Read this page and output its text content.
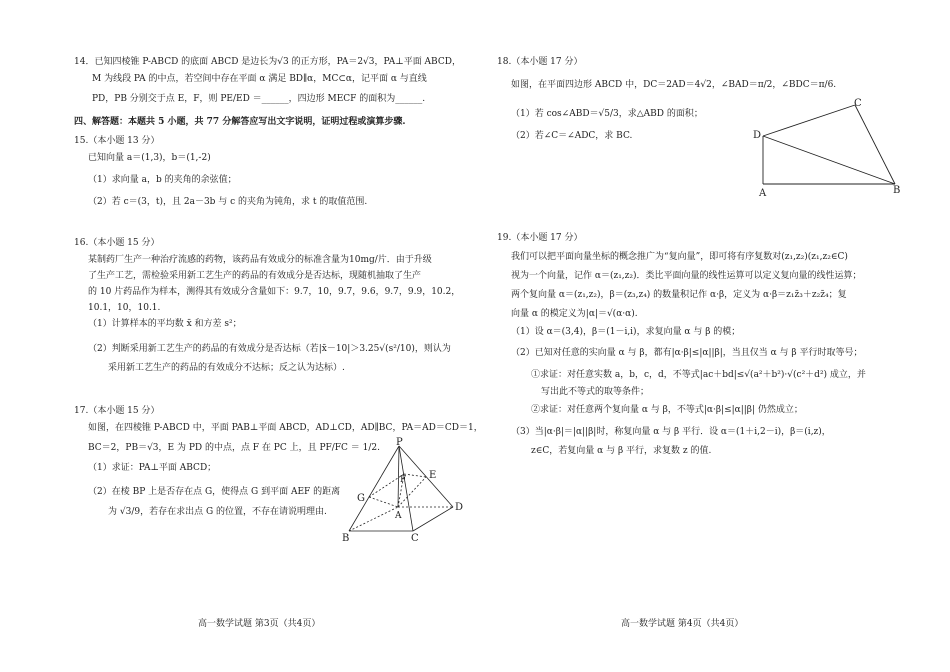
14．已知四棱锥 P-ABCD 的底面 ABCD 是边长为√3 的正方形，PA＝2√3，PA⊥平面 ABCD，
M 为线段 PA 的中点，若空间中存在平面 α 满足 BD∥α，MC⊂α，记平面 α 与直线
PD，PB 分别交于点 E，F，则 PE/ED ＝______，四边形 MECF 的面积为______.
四、解答题：本题共 5 小题，共 77 分解答应写出文字说明，证明过程或演算步骤.
15.（本小题 13 分）
已知向量 a＝(1,3)，b＝(1,-2)
（1）求向量 a，b 的夹角的余弦值；
（2）若 c＝(3，t)，且 2a－3b 与 c 的夹角为钝角，求 t 的取值范围.
16.（本小题 15 分）
某制药厂生产一种治疗流感的药物，该药品有效成分的标准含量为10mg/片．由于升级
了生产工艺，需检验采用新工艺生产的药品的有效成分是否达标，现随机抽取了生产
的 10 片药品作为样本，测得其有效成分含量如下：9.7，10，9.7，9.6，9.7，9.9，10.2，
10.1，10，10.1.
（1）计算样本的平均数 x̄ 和方差 s²；
（2）判断采用新工艺生产的药品的有效成分是否达标（若|x̄－10|＞3.25√(s²/10)，则认为
采用新工艺生产的药品的有效成分不达标；反之认为达标）.
17.（本小题 15 分）
如图，在四棱锥 P-ABCD 中，平面 PAB⊥平面 ABCD，AD⊥CD，AD∥BC，PA＝AD＝CD＝1，
BC＝2，PB＝√3，E 为 PD 的中点，点 F 在 PC 上，且 PF/FC ＝ 1/2.
（1）求证：PA⊥平面 ABCD；
（2）在棱 BP 上是否存在点 G，使得点 G 到平面 AEF 的距离
为 √3/9，若存在求出点 G 的位置，不存在请说明理由.
P
E
F
G
A
D
B	C
高一数学试题 第3页（共4页）
18.（本小题 17 分）
如图，在平面四边形 ABCD 中，DC＝2AD＝4√2，∠BAD＝π/2，∠BDC＝π/6.
（1）若 cos∠ABD＝√5/3，求△ABD 的面积；
（2）若∠C＝∠ADC，求 BC.
C
D
A	B
19.（本小题 17 分）
我们可以把平面向量坐标的概念推广为“复向量”，即可将有序复数对(z₁,z₂)(z₁,z₂∈C)
视为一个向量，记作 α＝(z₁,z₂)．类比平面向量的线性运算可以定义复向量的线性运算；
两个复向量 α＝(z₁,z₂)，β＝(z₃,z₄) 的数量积记作 α·β，定义为 α·β＝z₁z̄₃＋z₂z̄₄；复
向量 α 的模定义为|α|＝√(α·α).
（1）设 α＝(3,4)，β＝(1－i,i)，求复向量 α 与 β 的模；
（2）已知对任意的实向量 α 与 β，都有|α·β|≤|α||β|，当且仅当 α 与 β 平行时取等号；
①求证：对任意实数 a，b，c，d，不等式|ac＋bd|≤√(a²＋b²)·√(c²＋d²) 成立，并
写出此不等式的取等条件；
②求证：对任意两个复向量 α 与 β，不等式|α·β|≤|α||β| 仍然成立；
（3）当|α·β|＝|α||β|时，称复向量 α 与 β 平行．设 α＝(1＋i,2－i)，β＝(i,z)，
z∈C，若复向量 α 与 β 平行，求复数 z 的值.
高一数学试题 第4页（共4页）
